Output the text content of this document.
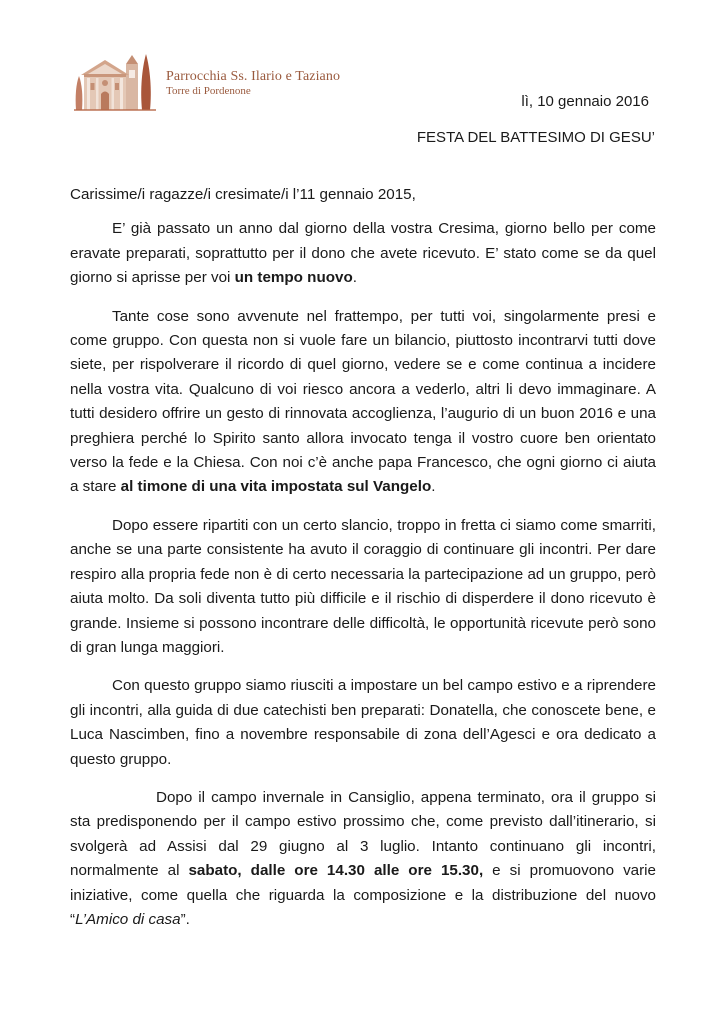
Parrocchia Ss. Ilario e Taziano
Torre di Pordenone
lì, 10 gennaio 2016
FESTA DEL BATTESIMO DI GESU’

Carissime/i ragazze/i cresimate/i l’11 gennaio 2015,

E’ già passato un anno dal giorno della vostra Cresima, giorno bello per come eravate preparati, soprattutto per il dono che avete ricevuto. E’ stato come se da quel giorno si aprisse per voi un tempo nuovo.

Tante cose sono avvenute nel frattempo, per tutti voi, singolarmente presi e come gruppo. Con questa non si vuole fare un bilancio, piuttosto incontrarvi tutti dove siete, per rispolverare il ricordo di quel giorno, vedere se e come continua a incidere nella vostra vita. Qualcuno di voi riesco ancora a vederlo, altri li devo immaginare. A tutti desidero offrire un gesto di rinnovata accoglienza, l’augurio di un buon 2016 e una preghiera perché lo Spirito santo allora invocato tenga il vostro cuore ben orientato verso la fede e la Chiesa. Con noi c’è anche papa Francesco, che ogni giorno ci aiuta a stare al timone di una vita impostata sul Vangelo.

Dopo essere ripartiti con un certo slancio, troppo in fretta ci siamo come smarriti, anche se una parte consistente ha avuto il coraggio di continuare gli incontri. Per dare respiro alla propria fede non è di certo necessaria la partecipazione ad un gruppo, però aiuta molto. Da soli diventa tutto più difficile e il rischio di disperdere il dono ricevuto è grande. Insieme si possono incontrare delle difficoltà, le opportunità ricevute però sono di gran lunga maggiori.

Con questo gruppo siamo riusciti a impostare un bel campo estivo e a riprendere gli incontri, alla guida di due catechisti ben preparati: Donatella, che conoscete bene, e Luca Nascimben, fino a novembre responsabile di zona dell’Agesci e ora dedicato a questo gruppo.

Dopo il campo invernale in Cansiglio, appena terminato, ora il gruppo si sta predisponendo per il campo estivo prossimo che, come previsto dall’itinerario, si svolgerà ad Assisi dal 29 giugno al 3 luglio. Intanto continuano gli incontri, normalmente al sabato, dalle ore 14.30 alle ore 15.30, e si promuovono varie iniziative, come quella che riguarda la composizione e la distribuzione del nuovo “L’Amico di casa”.
